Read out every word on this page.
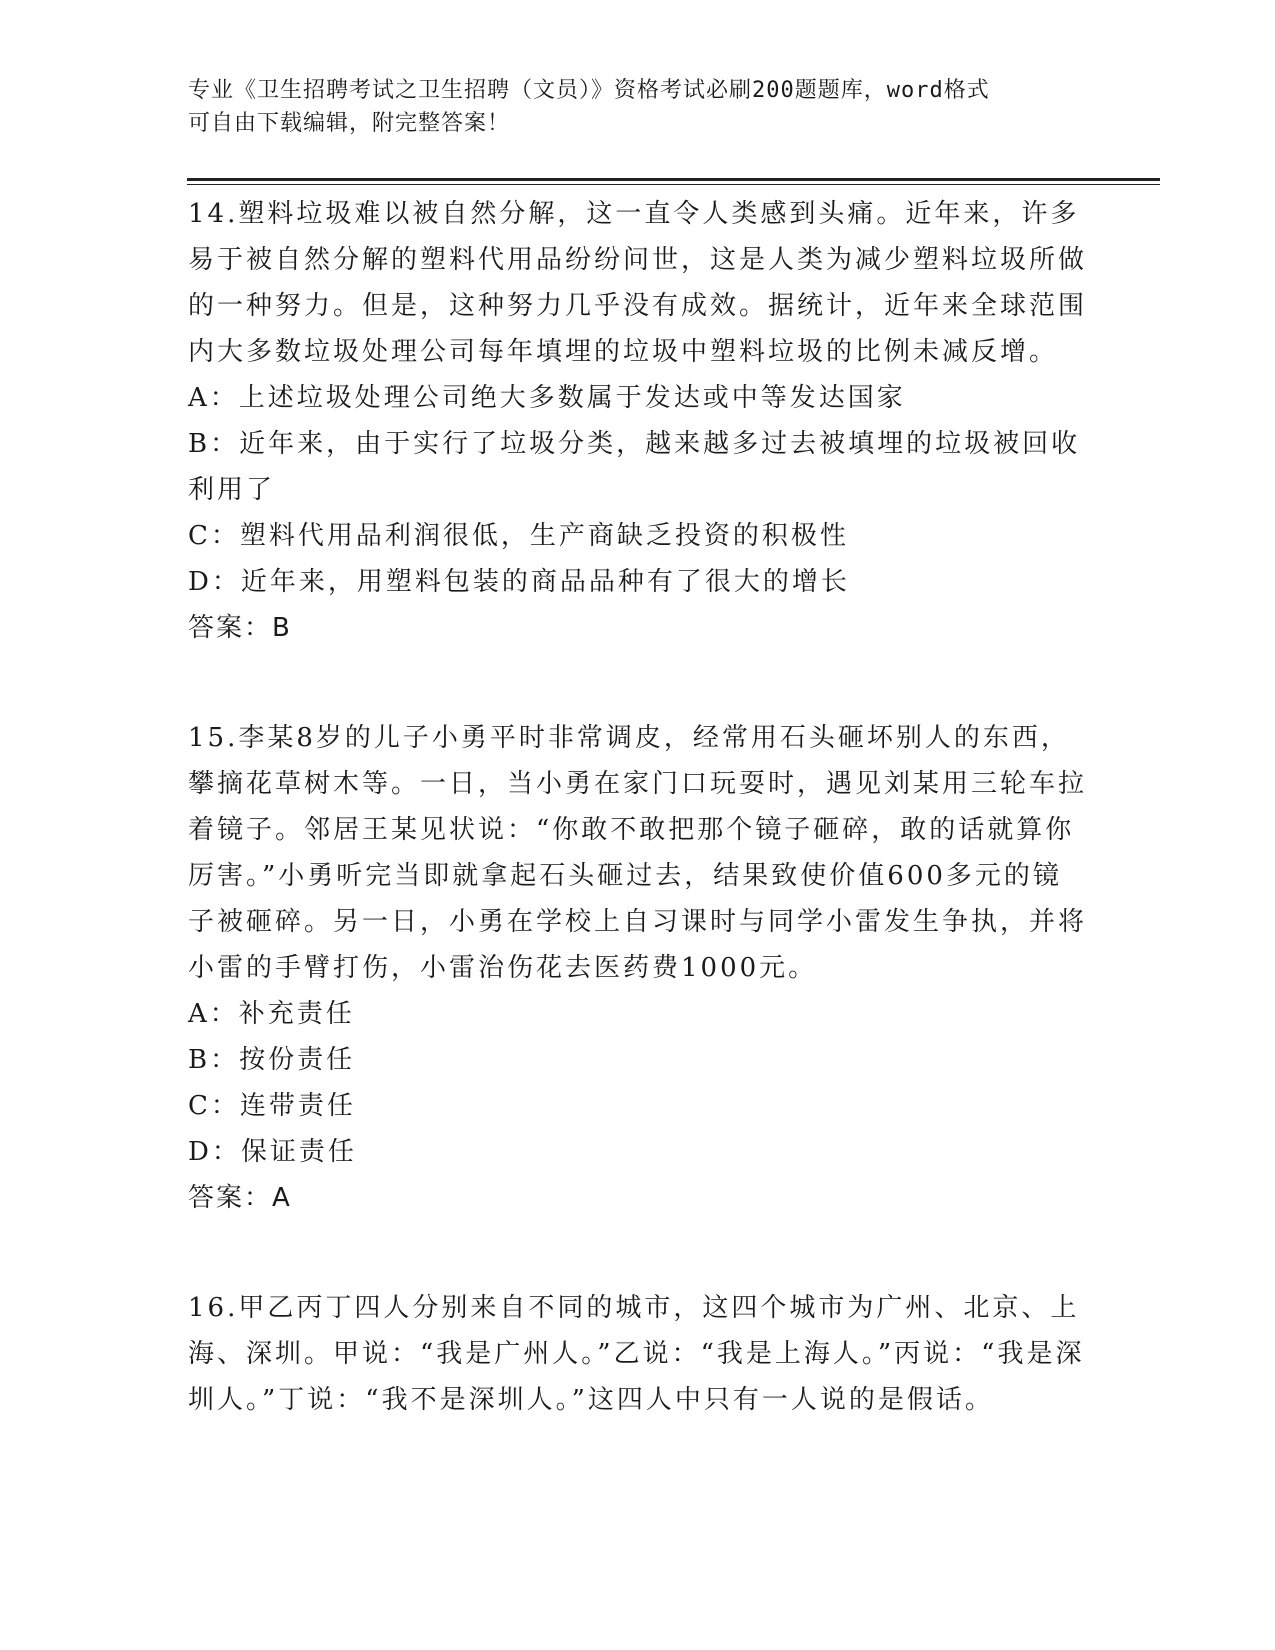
专业《卫生招聘考试之卫生招聘（文员）》资格考试必刷200题题库，word格式
可自由下载编辑，附完整答案！

14.塑料垃圾难以被自然分解，这一直令人类感到头痛。近年来，许多易于被自然分解的塑料代用品纷纷问世，这是人类为减少塑料垃圾所做的一种努力。但是，这种努力几乎没有成效。据统计，近年来全球范围内大多数垃圾处理公司每年填埋的垃圾中塑料垃圾的比例未减反增。

A：上述垃圾处理公司绝大多数属于发达或中等发达国家

B：近年来，由于实行了垃圾分类，越来越多过去被填埋的垃圾被回收利用了

C：塑料代用品利润很低，生产商缺乏投资的积极性

D：近年来，用塑料包装的商品品种有了很大的增长

答案：B

15.李某8岁的儿子小勇平时非常调皮，经常用石头砸坏别人的东西，攀摘花草树木等。一日，当小勇在家门口玩耍时，遇见刘某用三轮车拉着镜子。邻居王某见状说：“你敢不敢把那个镜子砸碎，敢的话就算你厉害。”小勇听完当即就拿起石头砸过去，结果致使价值600多元的镜子被砸碎。另一日，小勇在学校上自习课时与同学小雷发生争执，并将小雷的手臂打伤，小雷治伤花去医药费1000元。

A：补充责任

B：按份责任

C：连带责任

D：保证责任

答案：A

16.甲乙丙丁四人分别来自不同的城市，这四个城市为广州、北京、上海、深圳。甲说：“我是广州人。”乙说：“我是上海人。”丙说：“我是深圳人。”丁说：“我不是深圳人。”这四人中只有一人说的是假话。
